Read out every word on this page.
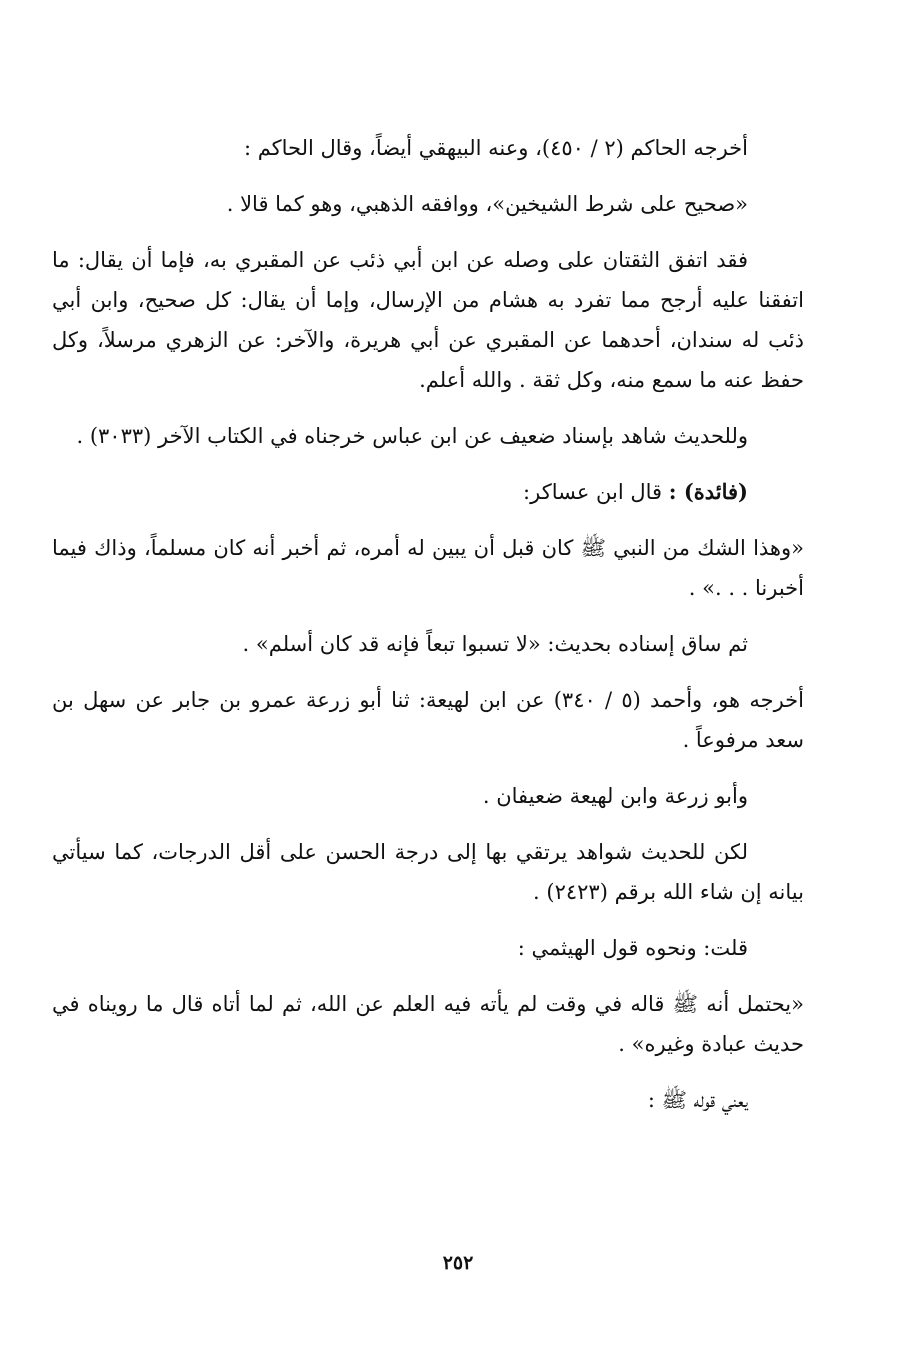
أخرجه الحاكم (٢ / ٤٥٠)، وعنه البيهقي أيضاً، وقال الحاكم :

«صحيح على شرط الشيخين»، ووافقه الذهبي، وهو كما قالا .

فقد اتفق الثقتان على وصله عن ابن أبي ذئب عن المقبري به، فإما أن يقال: ما اتفقنا عليه أرجح مما تفرد به هشام من الإرسال، وإما أن يقال: كل صحيح، وابن أبي ذئب له سندان، أحدهما عن المقبري عن أبي هريرة، والآخر: عن الزهري مرسلاً، وكل حفظ عنه ما سمع منه، وكل ثقة . والله أعلم.

وللحديث شاهد بإسناد ضعيف عن ابن عباس خرجناه في الكتاب الآخر (٣٠٣٣) .

(فائدة) : قال ابن عساكر:

«وهذا الشك من النبي ﷺ كان قبل أن يبين له أمره، ثم أخبر أنه كان مسلماً، وذاك فيما أخبرنا . . .» .

ثم ساق إسناده بحديث: «لا تسبوا تبعاً فإنه قد كان أسلم» .

أخرجه هو، وأحمد (٥ / ٣٤٠) عن ابن لهيعة: ثنا أبو زرعة عمرو بن جابر عن سهل بن سعد مرفوعاً .

وأبو زرعة وابن لهيعة ضعيفان .

لكن للحديث شواهد يرتقي بها إلى درجة الحسن على أقل الدرجات، كما سيأتي بيانه إن شاء الله برقم (٢٤٢٣) .

قلت: ونحوه قول الهيثمي :

«يحتمل أنه ﷺ قاله في وقت لم يأته فيه العلم عن الله، ثم لما أتاه قال ما رويناه في حديث عبادة وغيره» .

يعني قوله ﷺ :

٢٥٢
